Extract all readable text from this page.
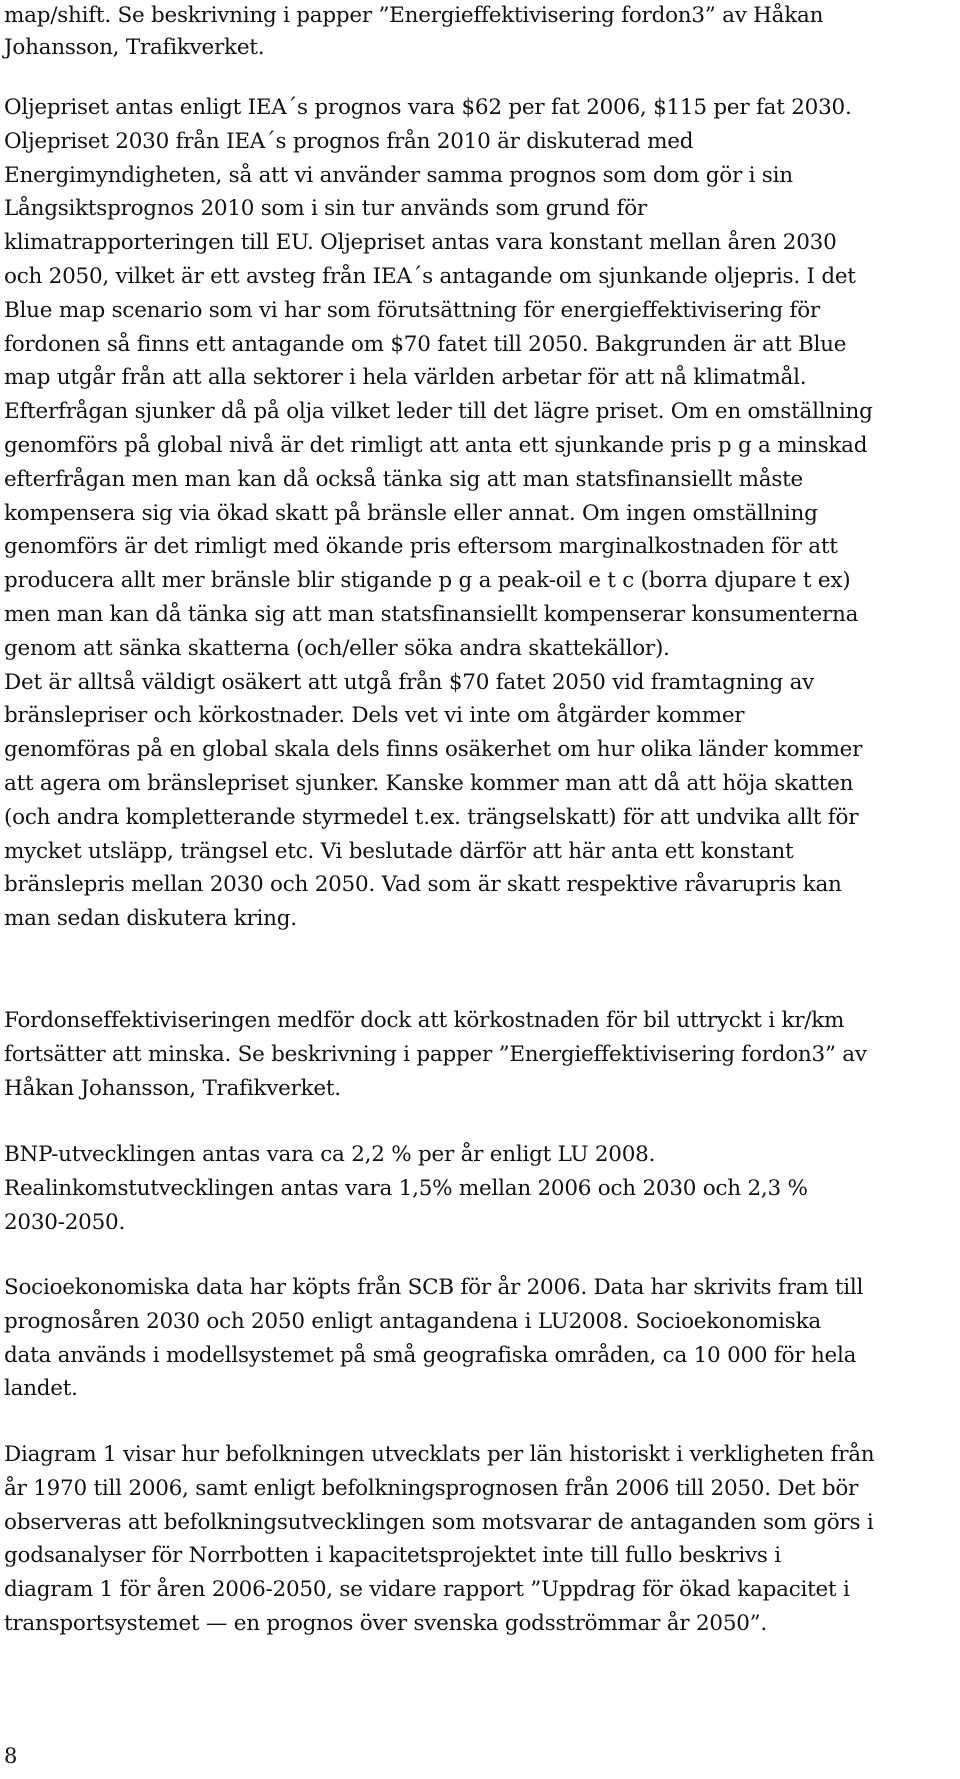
map/shift. Se beskrivning i papper ”Energieffektivisering fordon3” av Håkan
Johansson, Trafikverket.
Oljepriset antas enligt IEA´s prognos vara $62 per fat 2006, $115 per fat 2030.
Oljepriset 2030 från IEA´s prognos från 2010 är diskuterad med
Energimyndigheten, så att vi använder samma prognos som dom gör i sin
Långsiktsprognos 2010 som i sin tur används som grund för
klimatrapporteringen till EU. Oljepriset antas vara konstant mellan åren 2030
och 2050, vilket är ett avsteg från IEA´s antagande om sjunkande oljepris. I det
Blue map scenario som vi har som förutsättning för energieffektivisering för
fordonen så finns ett antagande om $70 fatet till 2050. Bakgrunden är att Blue
map utgår från att alla sektorer i hela världen arbetar för att nå klimatmål.
Efterfrågan sjunker då på olja vilket leder till det lägre priset. Om en omställning
genomförs på global nivå är det rimligt att anta ett sjunkande pris p g a minskad
efterfrågan men man kan då också tänka sig att man statsfinansiellt måste
kompensera sig via ökad skatt på bränsle eller annat. Om ingen omställning
genomförs är det rimligt med ökande pris eftersom marginalkostnaden för att
producera allt mer bränsle blir stigande p g a peak-oil e t c (borra djupare t ex)
men man kan då tänka sig att man statsfinansiellt kompenserar konsumenterna
genom att sänka skatterna (och/eller söka andra skattekällor).
Det är alltså väldigt osäkert att utgå från $70 fatet 2050 vid framtagning av
bränslepriser och körkostnader. Dels vet vi inte om åtgärder kommer
genomföras på en global skala dels finns osäkerhet om hur olika länder kommer
att agera om bränslepriset sjunker. Kanske kommer man att då att höja skatten
(och andra kompletterande styrmedel t.ex. trängselskatt) för att undvika allt för
mycket utsläpp, trängsel etc. Vi beslutade därför att här anta ett konstant
bränslepris mellan 2030 och 2050. Vad som är skatt respektive råvarupris kan
man sedan diskutera kring.
Fordonseffektiviseringen medför dock att körkostnaden för bil uttryckt i kr/km
fortsätter att minska. Se beskrivning i papper ”Energieffektivisering fordon3” av
Håkan Johansson, Trafikverket.
BNP-utvecklingen antas vara ca 2,2 % per år enligt LU 2008.
Realinkomstutvecklingen antas vara 1,5% mellan 2006 och 2030 och 2,3 %
2030-2050.
Socioekonomiska data har köpts från SCB för år 2006. Data har skrivits fram till
prognosåren 2030 och 2050 enligt antagandena i LU2008. Socioekonomiska
data används i modellsystemet på små geografiska områden, ca 10 000 för hela
landet.
Diagram 1 visar hur befolkningen utvecklats per län historiskt i verkligheten från
år 1970 till 2006, samt enligt befolkningsprognosen från 2006 till 2050. Det bör
observeras att befolkningsutvecklingen som motsvarar de antaganden som görs i
godsanalyser för Norrbotten i kapacitetsprojektet inte till fullo beskrivs i
diagram 1 för åren 2006-2050, se vidare rapport ”Uppdrag för ökad kapacitet i
transportsystemet — en prognos över svenska godsströmmar år 2050”.
8
